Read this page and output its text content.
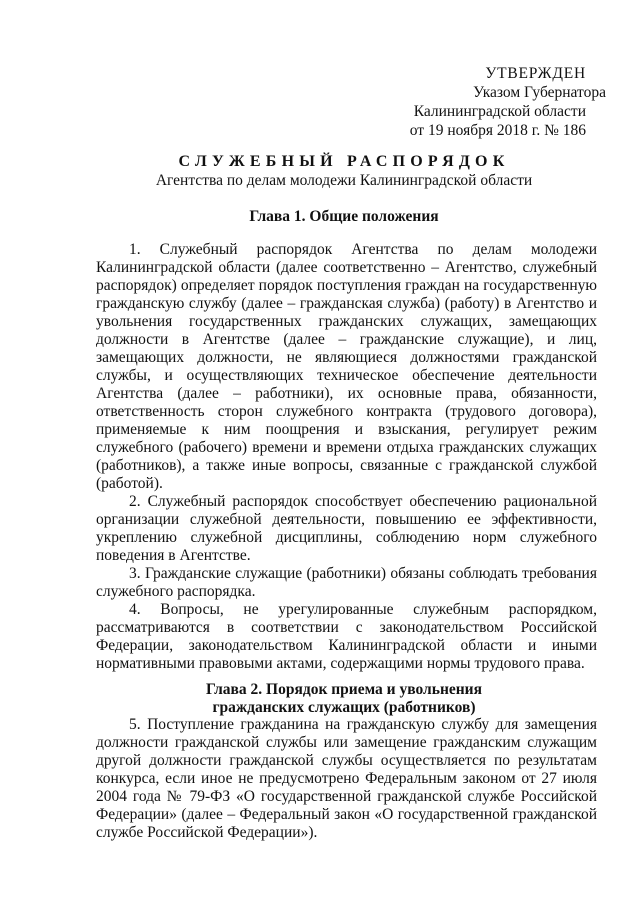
УТВЕРЖДЕН
Указом Губернатора
Калининградской области
от 19 ноября 2018 г. № 186
СЛУЖЕБНЫЙ РАСПОРЯДОК
Агентства по делам молодежи Калининградской области
Глава 1. Общие положения

1. Служебный распорядок Агентства по делам молодежи Калининградской области (далее соответственно – Агентство, служебный распорядок) определяет порядок поступления граждан на государственную гражданскую службу (далее – гражданская служба) (работу) в Агентство и увольнения государственных гражданских служащих, замещающих должности в Агентстве (далее – гражданские служащие), и лиц, замещающих должности, не являющиеся должностями гражданской службы, и осуществляющих техническое обеспечение деятельности Агентства (далее – работники), их основные права, обязанности, ответственность сторон служебного контракта (трудового договора), применяемые к ним поощрения и взыскания, регулирует режим служебного (рабочего) времени и времени отдыха гражданских служащих (работников), а также иные вопросы, связанные с гражданской службой (работой).

2. Служебный распорядок способствует обеспечению рациональной организации служебной деятельности, повышению ее эффективности, укреплению служебной дисциплины, соблюдению норм служебного поведения в Агентстве.

3. Гражданские служащие (работники) обязаны соблюдать требования служебного распорядка.

4. Вопросы, не урегулированные служебным распорядком, рассматриваются в соответствии с законодательством Российской Федерации, законодательством Калининградской области и иными нормативными правовыми актами, содержащими нормы трудового права.

Глава 2. Порядок приема и увольнения
гражданских служащих (работников)

5. Поступление гражданина на гражданскую службу для замещения должности гражданской службы или замещение гражданским служащим другой должности гражданской службы осуществляется по результатам конкурса, если иное не предусмотрено Федеральным законом от 27 июля 2004 года № 79-ФЗ «О государственной гражданской службе Российской Федерации» (далее – Федеральный закон «О государственной гражданской службе Российской Федерации»).
